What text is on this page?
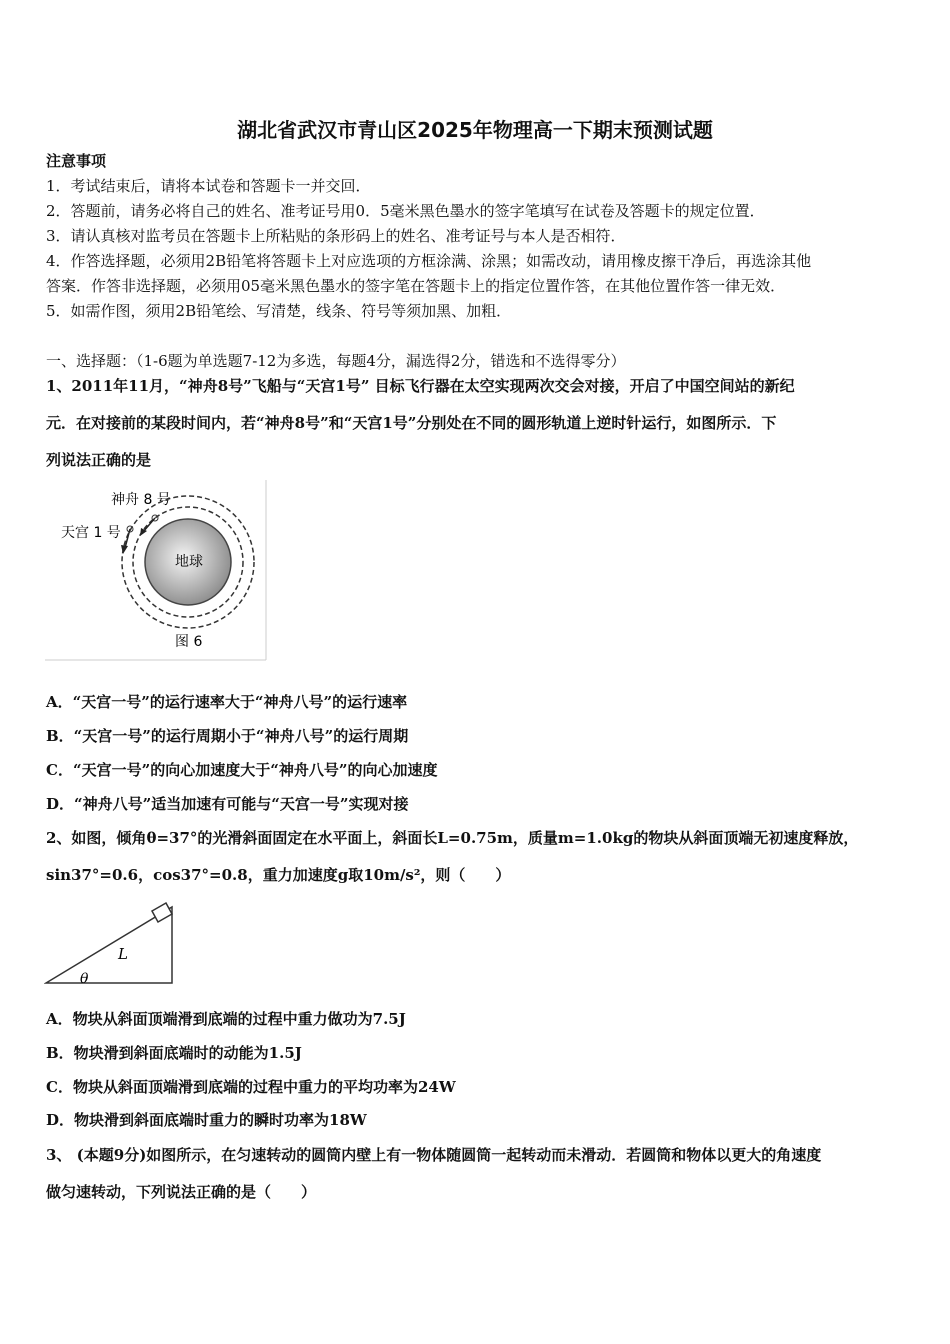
湖北省武汉市青山区2025年物理高一下期末预测试题
注意事项
1．考试结束后，请将本试卷和答题卡一并交回．
2．答题前，请务必将自己的姓名、准考证号用0．5毫米黑色墨水的签字笔填写在试卷及答题卡的规定位置．
3．请认真核对监考员在答题卡上所粘贴的条形码上的姓名、准考证号与本人是否相符．
4．作答选择题，必须用2B铅笔将答题卡上对应选项的方框涂满、涂黑；如需改动，请用橡皮擦干净后，再选涂其他
答案．作答非选择题，必须用05毫米黑色墨水的签字笔在答题卡上的指定位置作答，在其他位置作答一律无效．
5．如需作图，须用2B铅笔绘、写清楚，线条、符号等须加黑、加粗．
一、选择题：（1-6题为单选题7-12为多选，每题4分，漏选得2分，错选和不选得零分）
1、2011年11月，“神舟8号”飞船与“天宫1号” 目标飞行器在太空实现两次交会对接，开启了中国空间站的新纪
元．在对接前的某段时间内，若“神舟8号”和“天宫1号”分别处在不同的圆形轨道上逆时针运行，如图所示．下
列说法正确的是
神舟 8 号
天宫 1 号
地球
图 6
A．“天宫一号”的运行速率大于“神舟八号”的运行速率
B．“天宫一号”的运行周期小于“神舟八号”的运行周期
C．“天宫一号”的向心加速度大于“神舟八号”的向心加速度
D．“神舟八号”适当加速有可能与“天宫一号”实现对接
2、如图，倾角θ=37°的光滑斜面固定在水平面上，斜面长L=0.75m，质量m=1.0kg的物块从斜面顶端无初速度释放，
sin37°=0.6，cos37°=0.8，重力加速度g取10m/s²，则（　　）
L
θ
A．物块从斜面顶端滑到底端的过程中重力做功为7.5J
B．物块滑到斜面底端时的动能为1.5J
C．物块从斜面顶端滑到底端的过程中重力的平均功率为24W
D．物块滑到斜面底端时重力的瞬时功率为18W
3、 (本题9分)如图所示，在匀速转动的圆筒内壁上有一物体随圆筒一起转动而未滑动．若圆筒和物体以更大的角速度
做匀速转动，下列说法正确的是（　　）
